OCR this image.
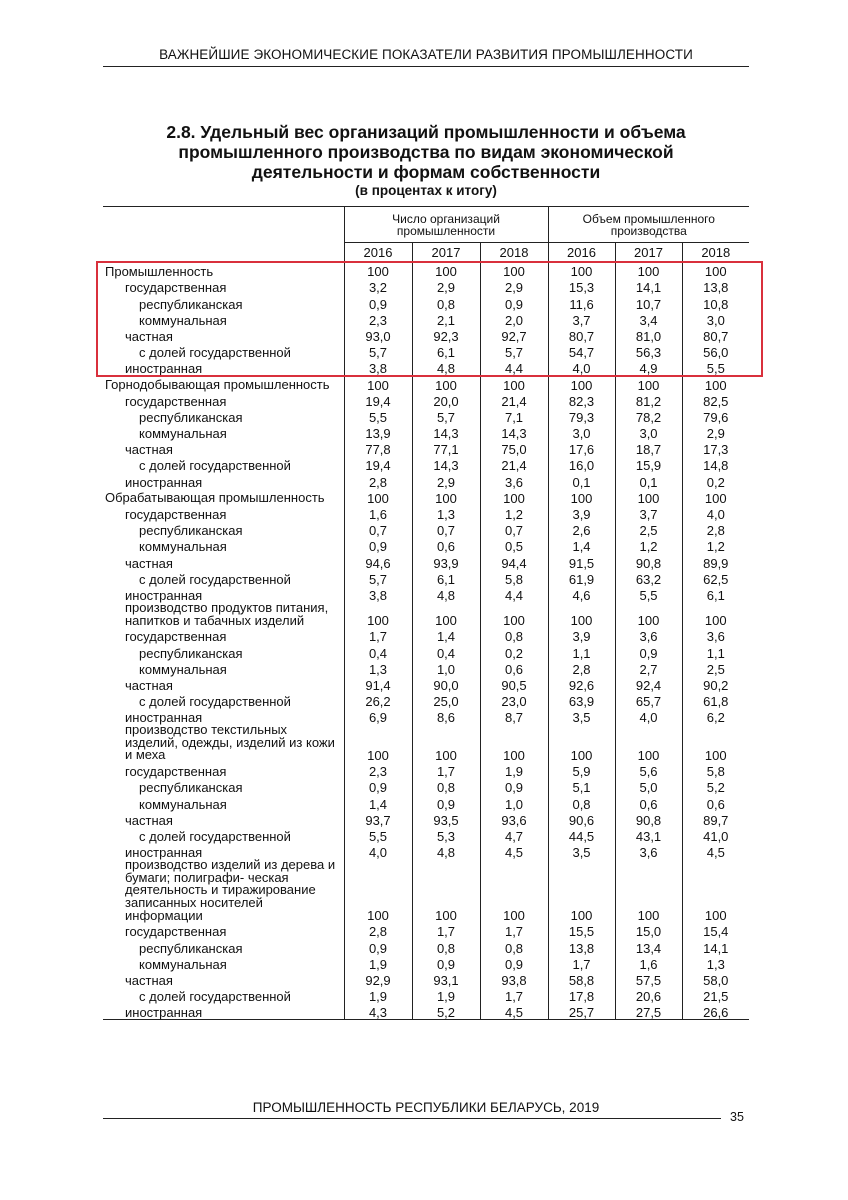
ВАЖНЕЙШИЕ ЭКОНОМИЧЕСКИЕ ПОКАЗАТЕЛИ РАЗВИТИЯ ПРОМЫШЛЕННОСТИ
2.8. Удельный вес организаций промышленности и объема
промышленного производства по видам экономической
деятельности и формам собственности
(в процентах к итогу)
	Число организаций промышленности			Объем промышленного производства		
	2016	2017	2018	2016	2017	2018
Промышленность	100	100	100	100	100	100
государственная	3,2	2,9	2,9	15,3	14,1	13,8
республиканская	0,9	0,8	0,9	11,6	10,7	10,8
коммунальная	2,3	2,1	2,0	3,7	3,4	3,0
частная	93,0	92,3	92,7	80,7	81,0	80,7
с долей государственной	5,7	6,1	5,7	54,7	56,3	56,0
иностранная	3,8	4,8	4,4	4,0	4,9	5,5
Горнодобывающая промышленность	100	100	100	100	100	100
государственная	19,4	20,0	21,4	82,3	81,2	82,5
республиканская	5,5	5,7	7,1	79,3	78,2	79,6
коммунальная	13,9	14,3	14,3	3,0	3,0	2,9
частная	77,8	77,1	75,0	17,6	18,7	17,3
с долей государственной	19,4	14,3	21,4	16,0	15,9	14,8
иностранная	2,8	2,9	3,6	0,1	0,1	0,2
Обрабатывающая промышленность	100	100	100	100	100	100
государственная	1,6	1,3	1,2	3,9	3,7	4,0
республиканская	0,7	0,7	0,7	2,6	2,5	2,8
коммунальная	0,9	0,6	0,5	1,4	1,2	1,2
частная	94,6	93,9	94,4	91,5	90,8	89,9
с долей государственной	5,7	6,1	5,8	61,9	63,2	62,5
иностранная	3,8	4,8	4,4	4,6	5,5	6,1
производство продуктов питания, напитков и табачных изделий	100	100	100	100	100	100
государственная	1,7	1,4	0,8	3,9	3,6	3,6
республиканская	0,4	0,4	0,2	1,1	0,9	1,1
коммунальная	1,3	1,0	0,6	2,8	2,7	2,5
частная	91,4	90,0	90,5	92,6	92,4	90,2
с долей государственной	26,2	25,0	23,0	63,9	65,7	61,8
иностранная	6,9	8,6	8,7	3,5	4,0	6,2
производство текстильных изделий, одежды, изделий из кожи и меха	100	100	100	100	100	100
государственная	2,3	1,7	1,9	5,9	5,6	5,8
республиканская	0,9	0,8	0,9	5,1	5,0	5,2
коммунальная	1,4	0,9	1,0	0,8	0,6	0,6
частная	93,7	93,5	93,6	90,6	90,8	89,7
с долей государственной	5,5	5,3	4,7	44,5	43,1	41,0
иностранная	4,0	4,8	4,5	3,5	3,6	4,5
производство изделий из дерева и бумаги; полиграфи- ческая деятельность и тиражирование записанных носителей информации	100	100	100	100	100	100
государственная	2,8	1,7	1,7	15,5	15,0	15,4
республиканская	0,9	0,8	0,8	13,8	13,4	14,1
коммунальная	1,9	0,9	0,9	1,7	1,6	1,3
частная	92,9	93,1	93,8	58,8	57,5	58,0
с долей государственной	1,9	1,9	1,7	17,8	20,6	21,5
иностранная	4,3	5,2	4,5	25,7	27,5	26,6
ПРОМЫШЛЕННОСТЬ РЕСПУБЛИКИ БЕЛАРУСЬ, 2019
35
